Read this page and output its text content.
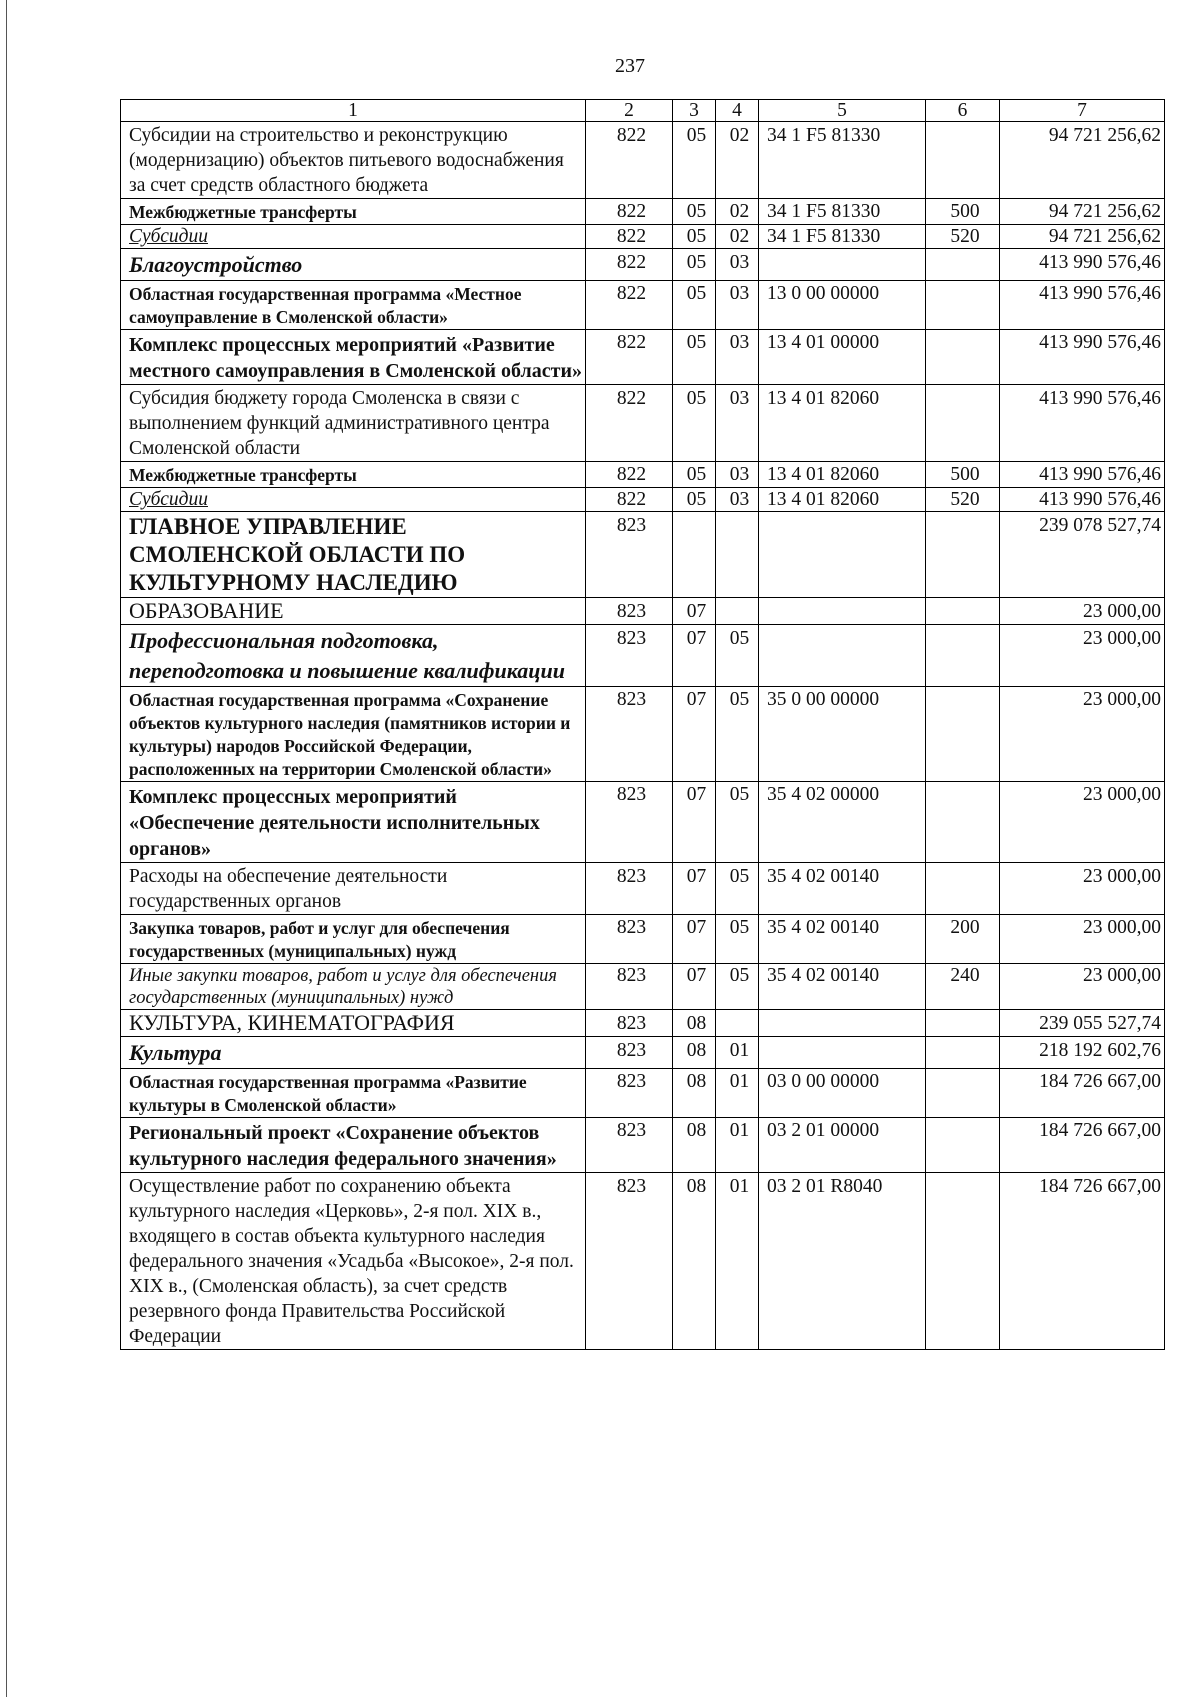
237
1	2	3	4	5	6	7
Субсидии на строительство и реконструкцию (модернизацию) объектов питьевого водоснабжения за счет средств областного бюджета	822	05	02	34 1 F5 81330		94 721 256,62
Межбюджетные трансферты	822	05	02	34 1 F5 81330	500	94 721 256,62
Субсидии	822	05	02	34 1 F5 81330	520	94 721 256,62
Благоустройство	822	05	03			413 990 576,46
Областная государственная программа «Местное самоуправление в Смоленской области»	822	05	03	13 0 00 00000		413 990 576,46
Комплекс процессных мероприятий «Развитие местного самоуправления в Смоленской области»	822	05	03	13 4 01 00000		413 990 576,46
Субсидия бюджету города Смоленска в связи с выполнением функций административного центра Смоленской области	822	05	03	13 4 01 82060		413 990 576,46
Межбюджетные трансферты	822	05	03	13 4 01 82060	500	413 990 576,46
Субсидии	822	05	03	13 4 01 82060	520	413 990 576,46
ГЛАВНОЕ УПРАВЛЕНИЕ СМОЛЕНСКОЙ ОБЛАСТИ ПО КУЛЬТУРНОМУ НАСЛЕДИЮ	823					239 078 527,74
ОБРАЗОВАНИЕ	823	07				23 000,00
Профессиональная подготовка, переподготовка и повышение квалификации	823	07	05			23 000,00
Областная государственная программа «Сохранение объектов культурного наследия (памятников истории и культуры) народов Российской Федерации, расположенных на территории Смоленской области»	823	07	05	35 0 00 00000		23 000,00
Комплекс процессных мероприятий «Обеспечение деятельности исполнительных органов»	823	07	05	35 4 02 00000		23 000,00
Расходы на обеспечение деятельности государственных органов	823	07	05	35 4 02 00140		23 000,00
Закупка товаров, работ и услуг для обеспечения государственных (муниципальных) нужд	823	07	05	35 4 02 00140	200	23 000,00
Иные закупки товаров, работ и услуг для обеспечения государственных (муниципальных) нужд	823	07	05	35 4 02 00140	240	23 000,00
КУЛЬТУРА, КИНЕМАТОГРАФИЯ	823	08				239 055 527,74
Культура	823	08	01			218 192 602,76
Областная государственная программа «Развитие культуры в Смоленской области»	823	08	01	03 0 00 00000		184 726 667,00
Региональный проект «Сохранение объектов культурного наследия федерального значения»	823	08	01	03 2 01 00000		184 726 667,00
Осуществление работ по сохранению объекта культурного наследия «Церковь», 2-я пол. XIX в., входящего в состав объекта культурного наследия федерального значения «Усадьба «Высокое», 2-я пол. XIX в., (Смоленская область), за счет средств резервного фонда Правительства Российской Федерации	823	08	01	03 2 01 R8040		184 726 667,00
